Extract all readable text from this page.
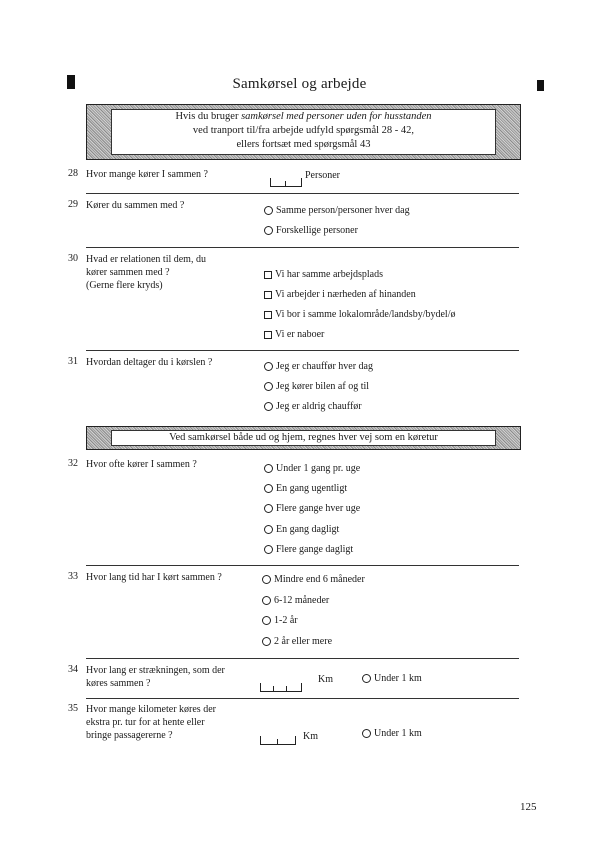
Samkørsel og arbejde
Hvis du bruger samkørsel med personer uden for husstanden
ved tranport til/fra arbejde udfyld spørgsmål 28 - 42,
ellers fortsæt med spørgsmål 43
28 Hvor mange kører I sammen ?	Personer
29 Kører du sammen med ?	Samme person/personer hver dag
Forskellige personer
30 Hvad er relationen til dem, du
kører sammen med ?
(Gerne flere kryds)
Vi har samme arbejdsplads
Vi arbejder i nærheden af hinanden
Vi bor i samme lokalområde/landsby/bydel/ø
Vi er naboer
31 Hvordan deltager du i kørslen ?	Jeg er chauffør hver dag
Jeg kører bilen af og til
Jeg er aldrig chauffør
Ved samkørsel både ud og hjem, regnes hver vej som en køretur
32 Hvor ofte kører I sammen ?	Under 1 gang pr. uge
En gang ugentligt
Flere gange hver uge
En gang dagligt
Flere gange dagligt
33 Hvor lang tid har I kørt sammen ?	Mindre end 6 måneder
6-12 måneder
1-2 år
2 år eller mere
34 Hvor lang er strækningen, som der
køres sammen ?	Km	Under 1 km
35 Hvor mange kilometer køres der
ekstra pr. tur for at hente eller
bringe passagererne ?	Km	Under 1 km
125
